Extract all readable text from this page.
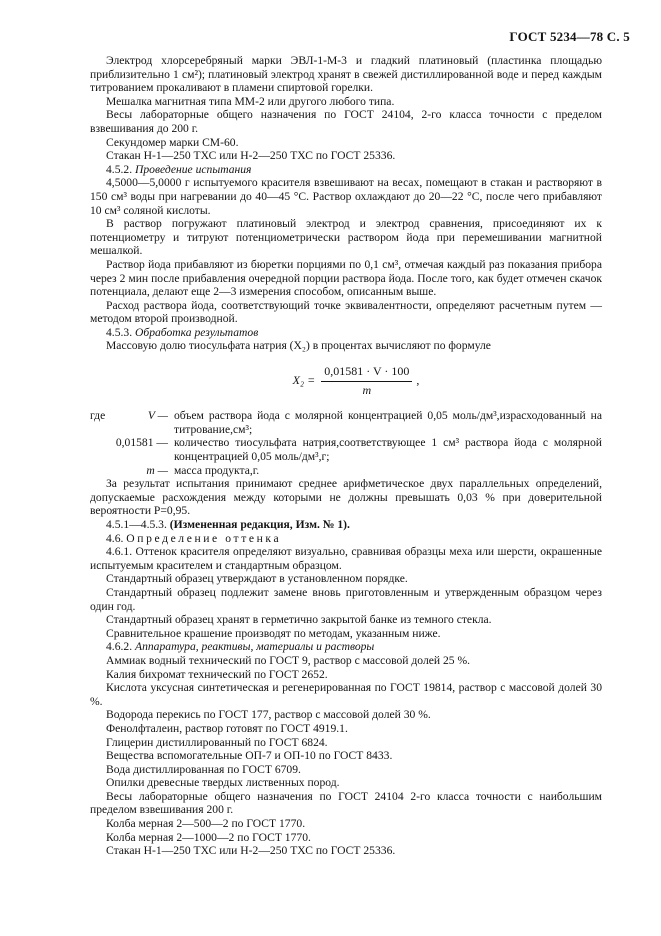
ГОСТ 5234—78 С. 5

Электрод хлорсеребряный марки ЭВЛ-1-М-3 и гладкий платиновый (пластинка площадью приблизительно 1 см²); платиновый электрод хранят в свежей дистиллированной воде и перед каждым титрованием прокаливают в пламени спиртовой горелки.

Мешалка магнитная типа ММ-2 или другого любого типа.

Весы лабораторные общего назначения по ГОСТ 24104, 2-го класса точности с пределом взвешивания до 200 г.

Секундомер марки СМ-60.

Стакан Н-1—250 ТХС или Н-2—250 ТХС по ГОСТ 25336.

4.5.2. Проведение испытания

4,5000—5,0000 г испытуемого красителя взвешивают на весах, помещают в стакан и растворяют в 150 см³ воды при нагревании до 40—45 °С. Раствор охлаждают до 20—22 °С, после чего прибавляют 10 см³ соляной кислоты.

В раствор погружают платиновый электрод и электрод сравнения, присоединяют их к потенциометру и титруют потенциометрически раствором йода при перемешивании магнитной мешалкой.

Раствор йода прибавляют из бюретки порциями по 0,1 см³, отмечая каждый раз показания прибора через 2 мин после прибавления очередной порции раствора йода. После того, как будет отмечен скачок потенциала, делают еще 2—3 измерения способом, описанным выше.

Расход раствора йода, соответствующий точке эквивалентности, определяют расчетным путем — методом второй производной.

4.5.3. Обработка результатов

Массовую долю тиосульфата натрия (X₂) в процентах вычисляют по формуле

$X_2 = \frac{0,01581 \cdot V \cdot 100}{m}$ ,
где	V — объем раствора йода с молярной концентрацией 0,05 моль/дм³,израсходованный на титрование,см³;
0,01581 — количество тиосульфата натрия,соответствующее 1 см³ раствора йода с молярной концентрацией 0,05 моль/дм³,г;
m — масса продукта,г.

За результат испытания принимают среднее арифметическое двух параллельных определений, допускаемые расхождения между которыми не должны превышать 0,03 % при доверительной вероятности P=0,95.

4.5.1—4.5.3. (Измененная редакция, Изм. № 1).

4.6. Определение оттенка

4.6.1. Оттенок красителя определяют визуально, сравнивая образцы меха или шерсти, окрашенные испытуемым красителем и стандартным образцом.

Стандартный образец утверждают в установленном порядке.

Стандартный образец подлежит замене вновь приготовленным и утвержденным образцом через один год.

Стандартный образец хранят в герметично закрытой банке из темного стекла.

Сравнительное крашение производят по методам, указанным ниже.

4.6.2. Аппаратура, реактивы, материалы и растворы

Аммиак водный технический по ГОСТ 9, раствор с массовой долей 25 %.

Калия бихромат технический по ГОСТ 2652.

Кислота уксусная синтетическая и регенерированная по ГОСТ 19814, раствор с массовой долей 30 %.

Водорода перекись по ГОСТ 177, раствор с массовой долей 30 %.

Фенолфталеин, раствор готовят по ГОСТ 4919.1.

Глицерин дистиллированный по ГОСТ 6824.

Вещества вспомогательные ОП-7 и ОП-10 по ГОСТ 8433.

Вода дистиллированная по ГОСТ 6709.

Опилки древесные твердых лиственных пород.

Весы лабораторные общего назначения по ГОСТ 24104 2-го класса точности с наибольшим пределом взвешивания 200 г.

Колба мерная 2—500—2 по ГОСТ 1770.

Колба мерная 2—1000—2 по ГОСТ 1770.

Стакан Н-1—250 ТХС или Н-2—250 ТХС по ГОСТ 25336.
